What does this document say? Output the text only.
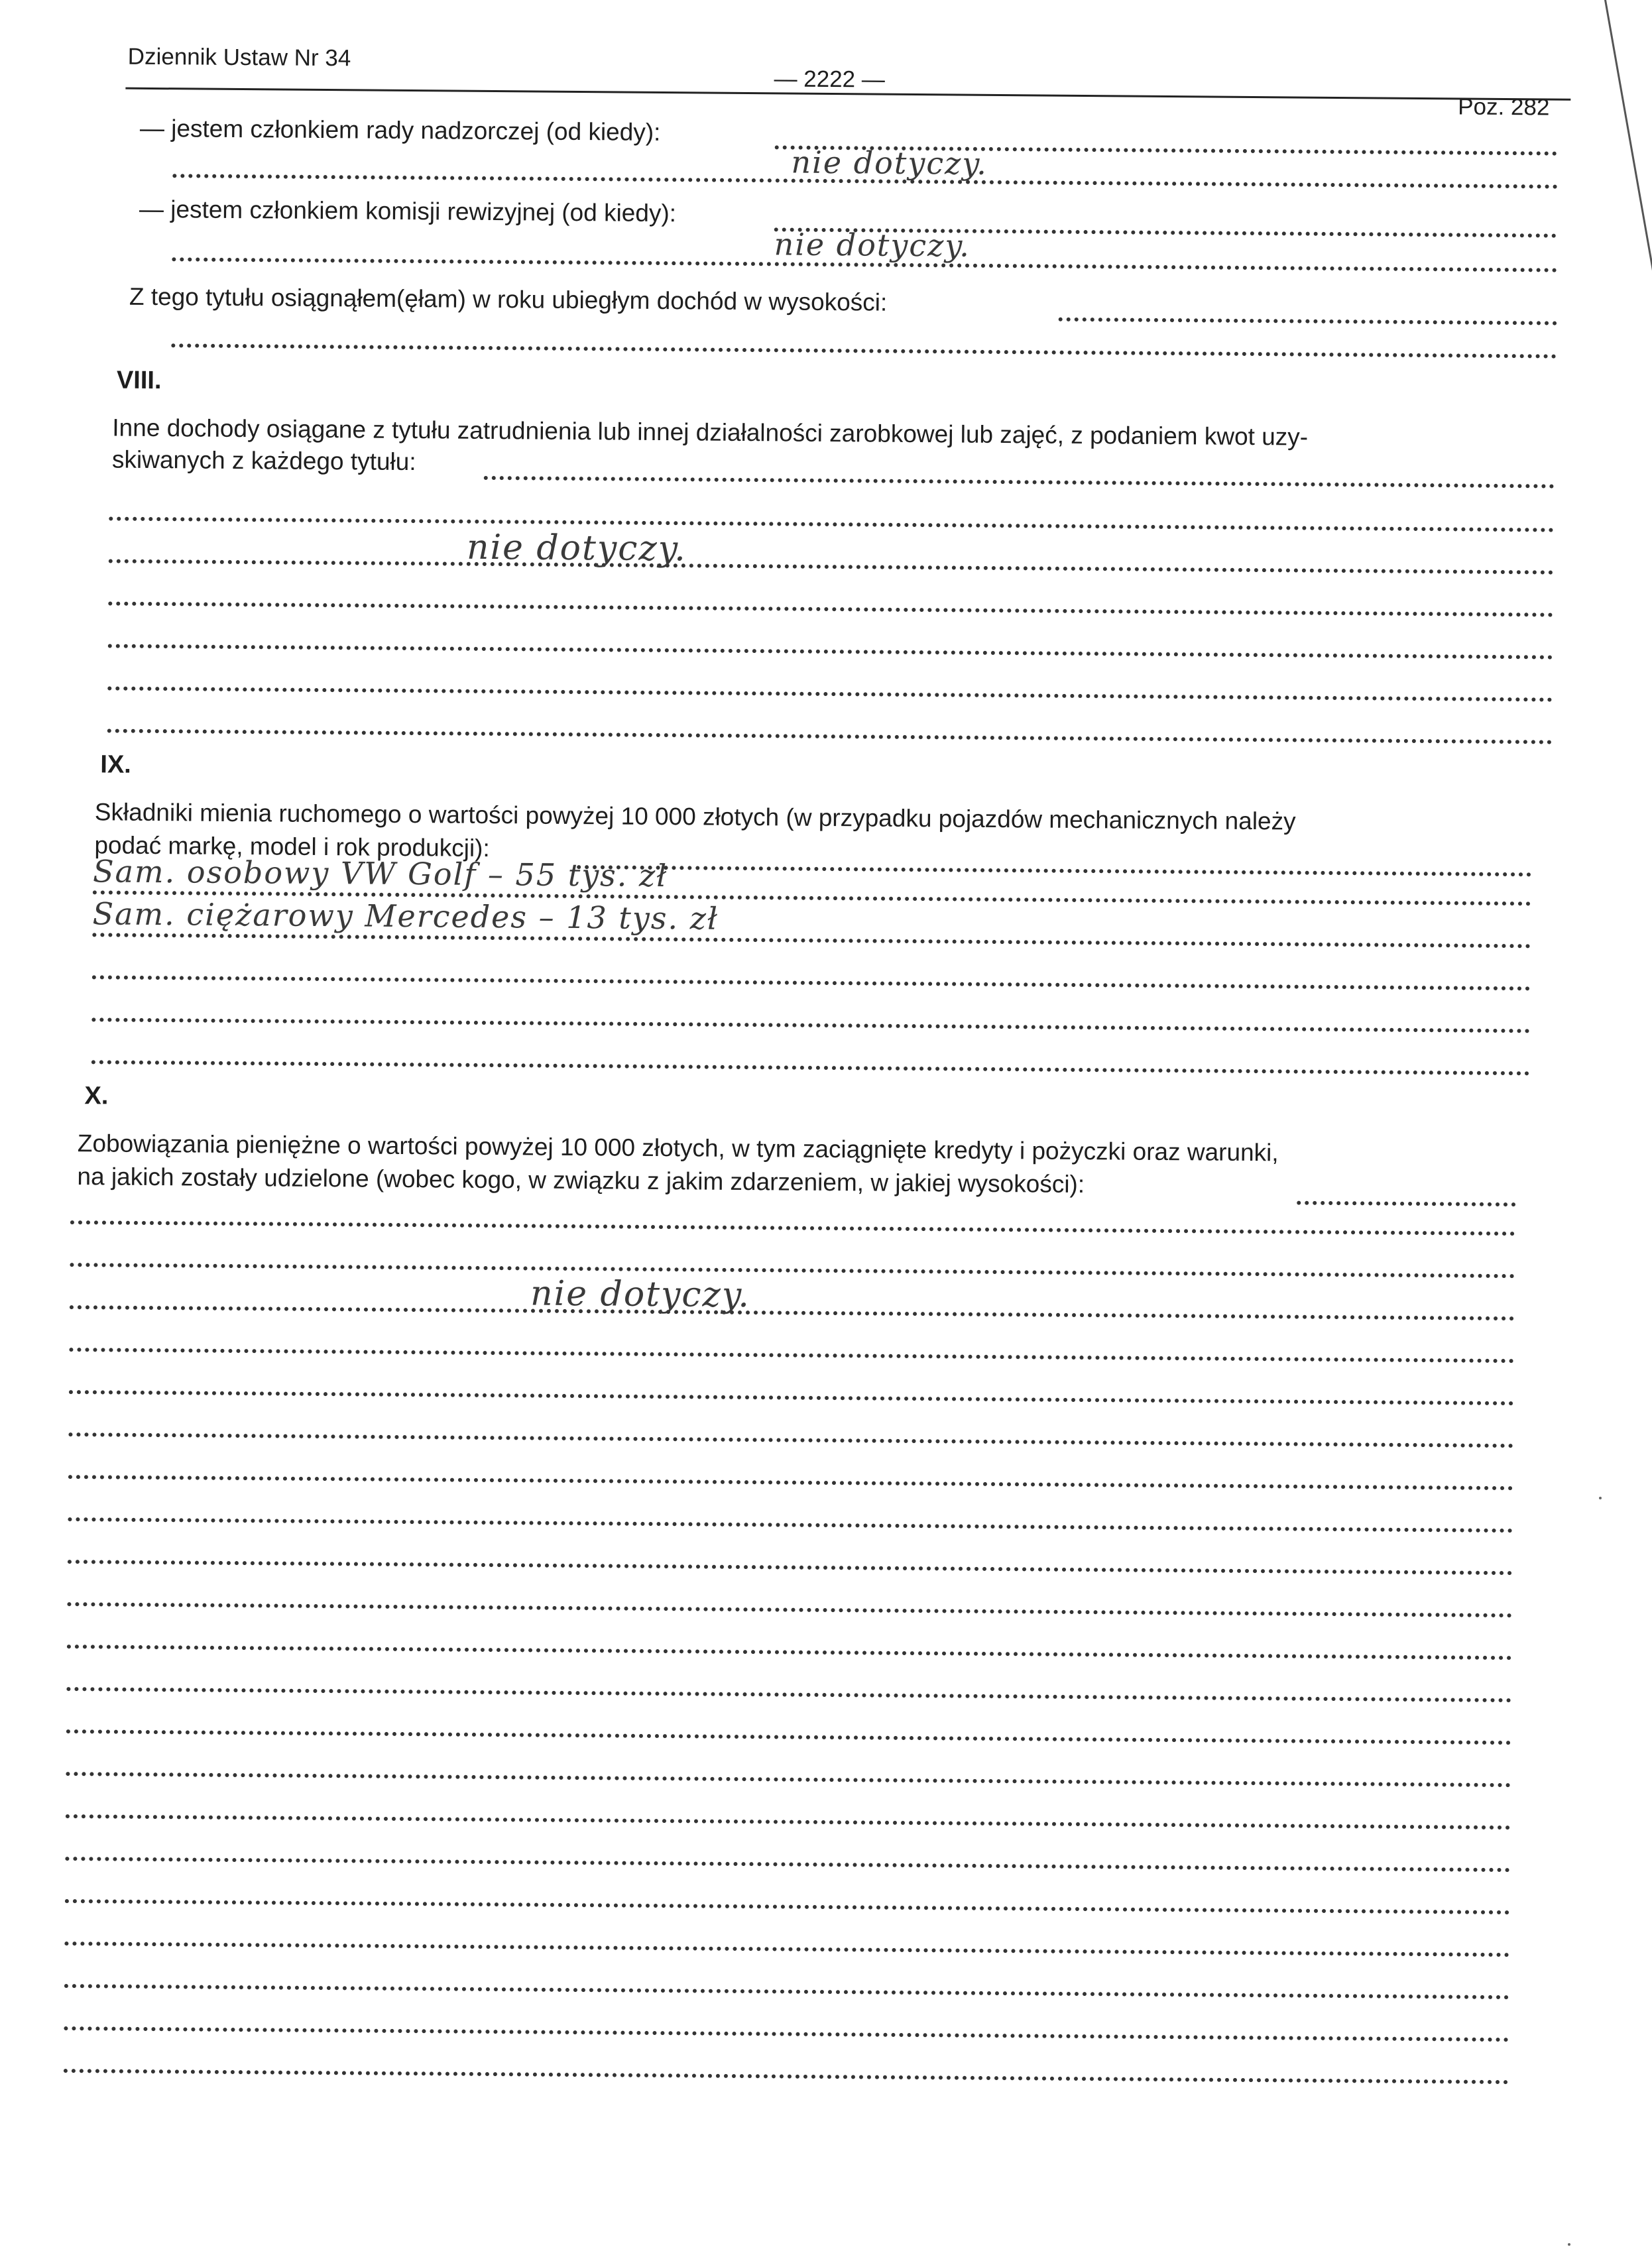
Dziennik Ustaw Nr 34
— 2222 —
Poz. 282
— jestem członkiem rady nadzorczej (od kiedy):
nie dotyczy.
— jestem członkiem komisji rewizyjnej (od kiedy):
nie dotyczy.
Z tego tytułu osiągnąłem(ęłam) w roku ubiegłym dochód w wysokości:
VIII.
Inne dochody osiągane z tytułu zatrudnienia lub innej działalności zarobkowej lub zajęć, z podaniem kwot uzy-
skiwanych z każdego tytułu:
nie dotyczy.
IX.
Składniki mienia ruchomego o wartości powyżej 10 000 złotych (w przypadku pojazdów mechanicznych należy
podać markę, model i rok produkcji):
Sam. osobowy VW Golf – 55 tys. zł
Sam. ciężarowy Mercedes – 13 tys. zł
X.
Zobowiązania pieniężne o wartości powyżej 10 000 złotych, w tym zaciągnięte kredyty i pożyczki oraz warunki,
na jakich zostały udzielone (wobec kogo, w związku z jakim zdarzeniem, w jakiej wysokości):
nie dotyczy.
